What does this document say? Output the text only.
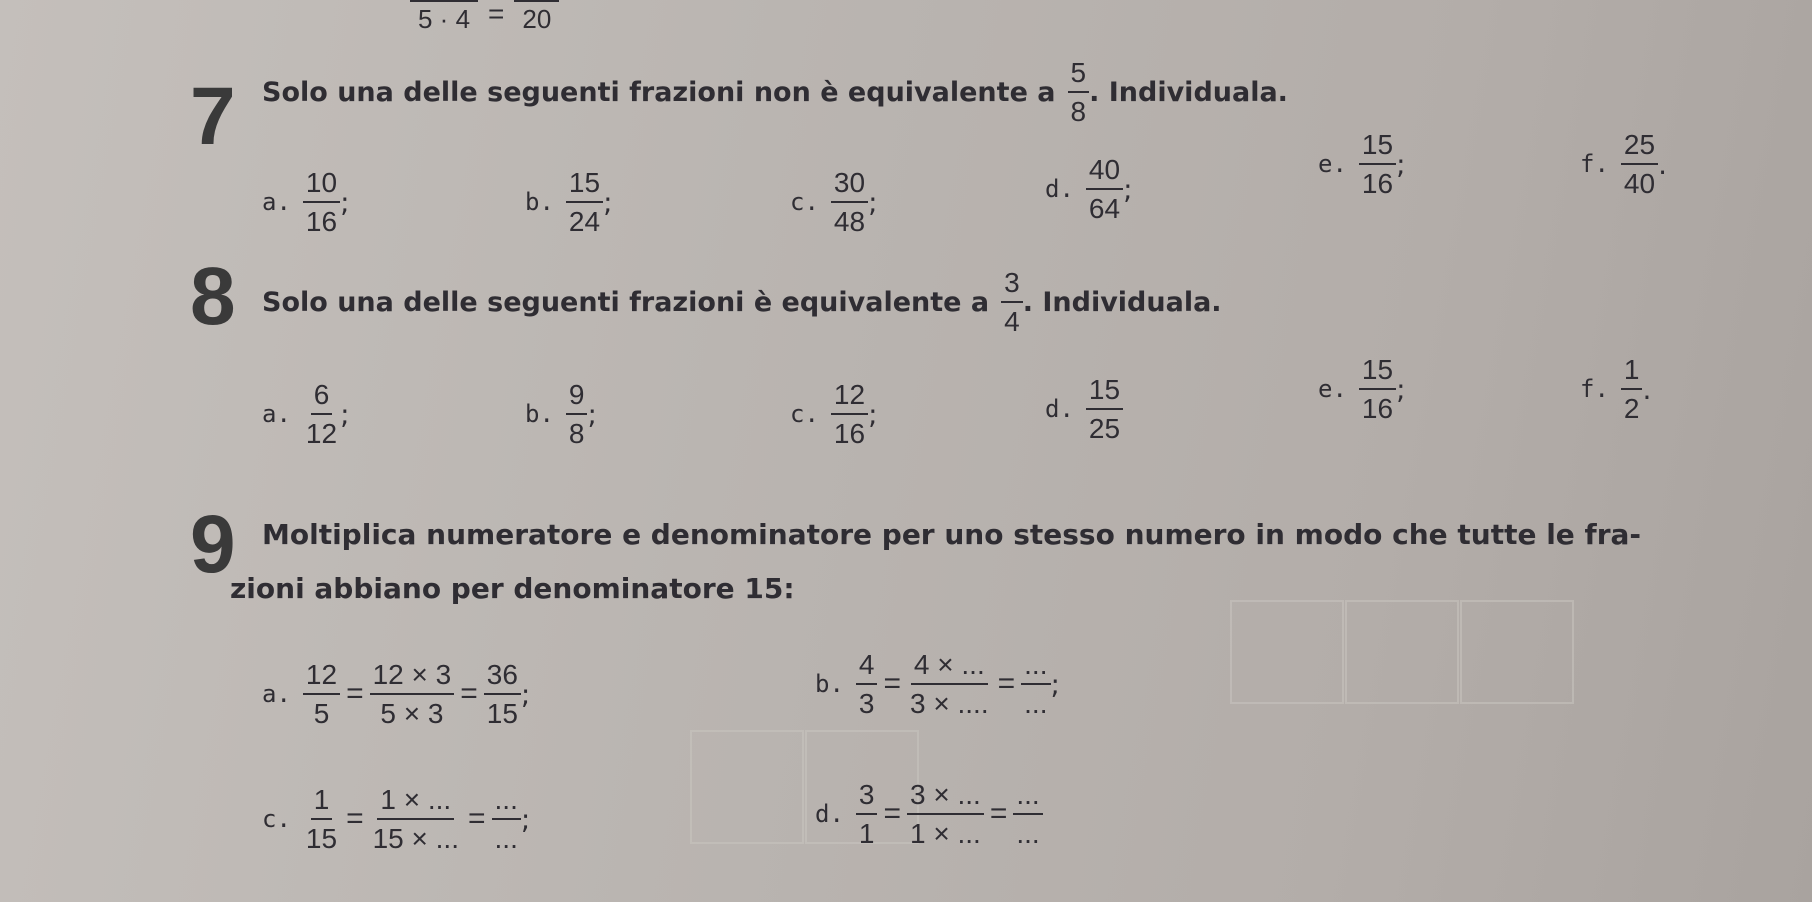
5 · 4 = 20
7 Solo una delle seguenti frazioni non è equivalente a $\frac{5}{8}$ . Individuala.
a. $\frac{10}{16}$ ;	b. $\frac{15}{24}$ ;	c. $\frac{30}{48}$ ;	d. $\frac{40}{64}$ ;
e. $\frac{15}{16}$ ;	f. $\frac{25}{40}$ .
8 Solo una delle seguenti frazioni è equivalente a $\frac{3}{4}$ . Individuala.
a. $\frac{6}{12}$ ;	b. $\frac{9}{8}$ ;	c. $\frac{12}{16}$ ;	d. $\frac{15}{25}$	e. $\frac{15}{16}$ ;	f. $\frac{1}{2}$ .
9 Moltiplica numeratore e denominatore per uno stesso numero in modo che tutte le fra-
zioni abbiano per denominatore 15:
a. $\frac{12}{5} = \frac{12 \times 3}{5 \times 3} = \frac{36}{15}$ ;	b. $\frac{4}{3} = \frac{4 \times ...}{3 \times ....} = \frac{...}{...}$ ;
c. $\frac{1}{15} = \frac{1 \times ...}{15 \times ...} = \frac{...}{...}$ ;	d. $\frac{3}{1} = \frac{3 \times ...}{1 \times ...} = \frac{...}{...}$
